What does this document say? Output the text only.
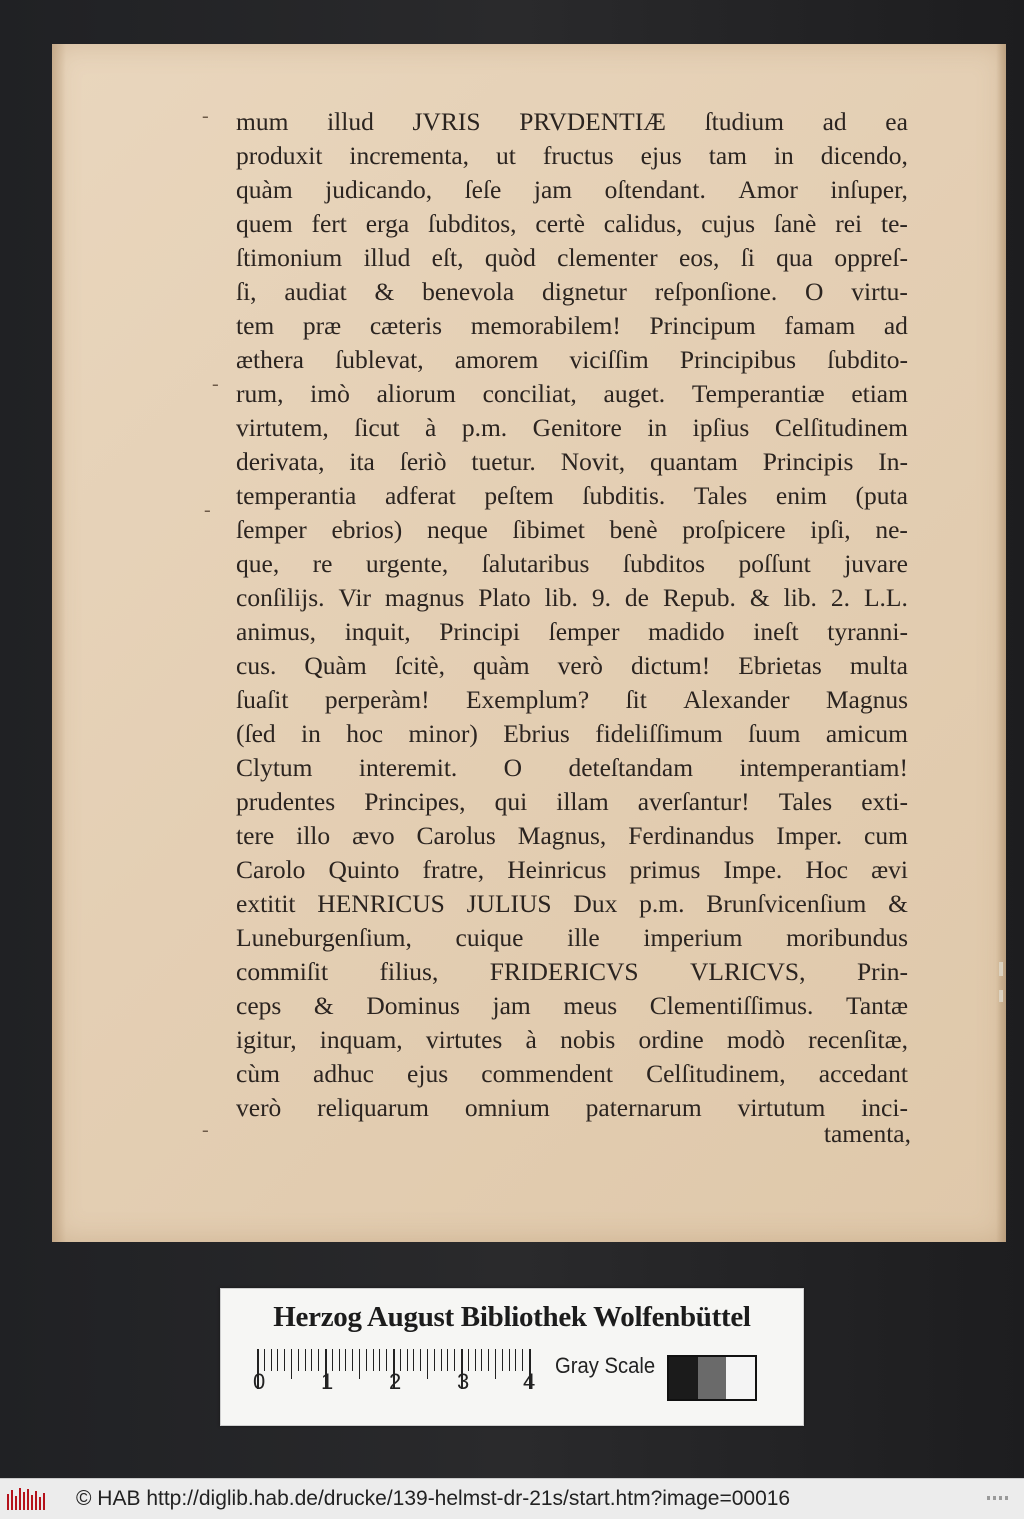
mum illud JVRIS PRVDENTIÆ ſtudium ad ea
produxit incrementa, ut fructus ejus tam in dicendo,
quàm judicando, ſeſe jam oſtendant. Amor inſuper,
quem fert erga ſubditos, certè calidus, cujus ſanè rei te-
ſtimonium illud eſt, quòd clementer eos, ſi qua oppreſ-
ſi, audiat & benevola dignetur reſponſione. O virtu-
tem præ cæteris memorabilem! Principum famam ad
æthera ſublevat, amorem viciſſim Principibus ſubdito-
rum, imò aliorum conciliat, auget. Temperantiæ etiam
virtutem, ſicut à p.m. Genitore in ipſius Celſitudinem
derivata, ita ſeriò tuetur. Novit, quantam Principis In-
temperantia adferat peſtem ſubditis. Tales enim (puta
ſemper ebrios) neque ſibimet benè proſpicere ipſi, ne-
que, re urgente, ſalutaribus ſubditos poſſunt juvare
conſilijs. Vir magnus Plato lib. 9. de Repub. & lib. 2. L.L.
animus, inquit, Principi ſemper madido ineſt tyranni-
cus. Quàm ſcitè, quàm verò dictum! Ebrietas multa
ſuaſit perperàm! Exemplum? ſit Alexander Magnus
(ſed in hoc minor) Ebrius fideliſſimum ſuum amicum
Clytum interemit. O deteſtandam intemperantiam!
prudentes Principes, qui illam averſantur! Tales exti-
tere illo ævo Carolus Magnus, Ferdinandus Imper. cum
Carolo Quinto fratre, Heinricus primus Impe. Hoc ævi
extitit HENRICUS JULIUS Dux p.m. Brunſvicenſium &
Luneburgenſium, cuique ille imperium moribundus
commiſit filius, FRIDERICVS VLRICVS, Prin-
ceps & Dominus jam meus Clementiſſimus. Tantæ
igitur, inquam, virtutes à nobis ordine modò recenſitæ,
cùm adhuc ejus commendent Celſitudinem, accedant
verò reliquarum omnium paternarum virtutum inci-
tamenta,
-
-
-
-
Herzog August Bibliothek Wolfenbüttel
0	1	2	3 4
Gray Scale
© HAB http://diglib.hab.de/drucke/139-helmst-dr-21s/start.htm?image=00016
